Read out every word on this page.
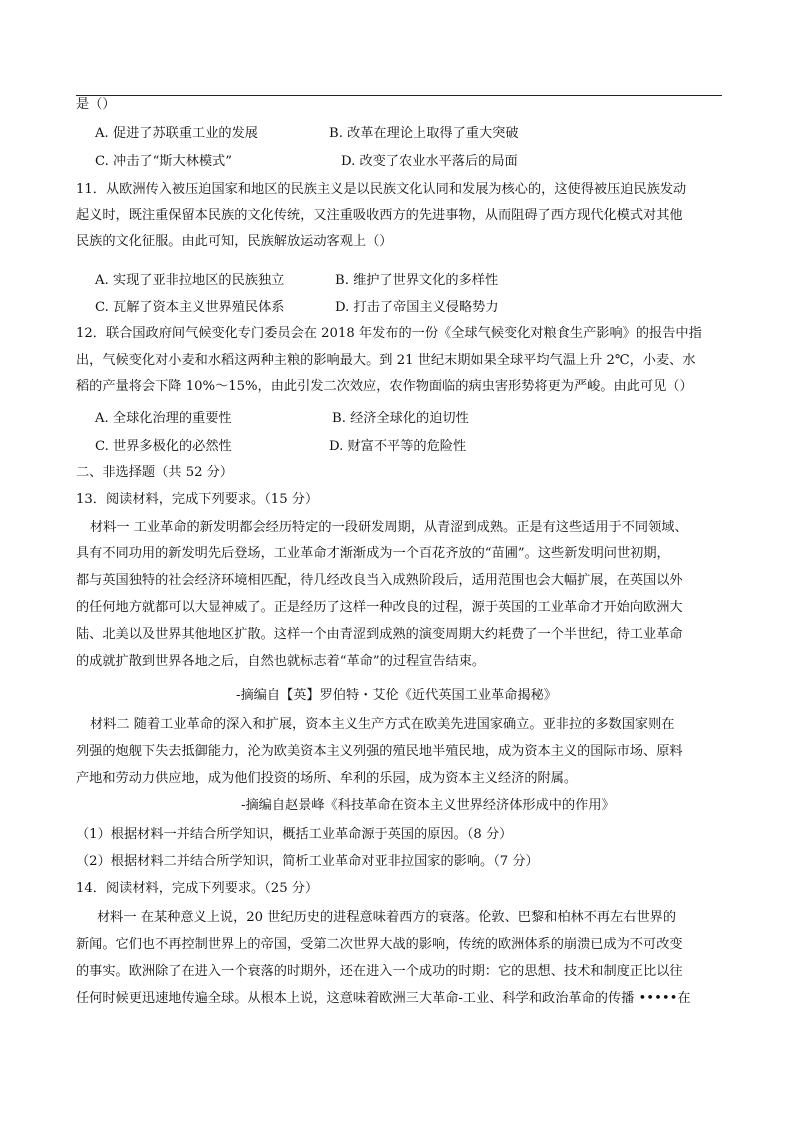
是（）
A. 促进了苏联重工业的发展	B. 改革在理论上取得了重大突破
C. 冲击了“斯大林模式”	D. 改变了农业水平落后的局面
11．从欧洲传入被压迫国家和地区的民族主义是以民族文化认同和发展为核心的，这使得被压迫民族发动
起义时，既注重保留本民族的文化传统，又注重吸收西方的先进事物，从而阻碍了西方现代化模式对其他
民族的文化征服。由此可知，民族解放运动客观上（）
A. 实现了亚非拉地区的民族独立	B. 维护了世界文化的多样性
C. 瓦解了资本主义世界殖民体系	D. 打击了帝国主义侵略势力
12．联合国政府间气候变化专门委员会在 2018 年发布的一份《全球气候变化对粮食生产影响》的报告中指
出，气候变化对小麦和水稻这两种主粮的影响最大。到 21 世纪末期如果全球平均气温上升 2℃，小麦、水
稻的产量将会下降 10%～15%，由此引发二次效应，农作物面临的病虫害形势将更为严峻。由此可见（）
A. 全球化治理的重要性	B. 经济全球化的迫切性
C. 世界多极化的必然性	D. 财富不平等的危险性
二、非选择题（共 52 分）
13．阅读材料，完成下列要求。（15 分）
材料一 工业革命的新发明都会经历特定的一段研发周期，从青涩到成熟。正是有这些适用于不同领域、
具有不同功用的新发明先后登场，工业革命才渐渐成为一个百花齐放的“苗圃”。这些新发明问世初期，
都与英国独特的社会经济环境相匹配，待几经改良当入成熟阶段后，适用范围也会大幅扩展，在英国以外
的任何地方就都可以大显神威了。正是经历了这样一种改良的过程，源于英国的工业革命才开始向欧洲大
陆、北美以及世界其他地区扩散。这样一个由青涩到成熟的演变周期大约耗费了一个半世纪，待工业革命
的成就扩散到世界各地之后，自然也就标志着“革命”的过程宣告结束。
-摘编自【英】罗伯特・艾伦《近代英国工业革命揭秘》
材料二 随着工业革命的深入和扩展，资本主义生产方式在欧美先进国家确立。亚非拉的多数国家则在
列强的炮舰下失去抵御能力，沦为欧美资本主义列强的殖民地半殖民地，成为资本主义的国际市场、原料
产地和劳动力供应地，成为他们投资的场所、牟利的乐园，成为资本主义经济的附属。
-摘编自赵景峰《科技革命在资本主义世界经济体形成中的作用》
（1）根据材料一并结合所学知识，概括工业革命源于英国的原因。（8 分）
（2）根据材料二并结合所学知识，简析工业革命对亚非拉国家的影响。（7 分）
14．阅读材料，完成下列要求。（25 分）
材料一 在某种意义上说，20 世纪历史的进程意味着西方的衰落。伦敦、巴黎和柏林不再左右世界的
新闻。它们也不再控制世界上的帝国，受第二次世界大战的影响，传统的欧洲体系的崩溃已成为不可改变
的事实。欧洲除了在进入一个衰落的时期外，还在进入一个成功的时期：它的思想、技术和制度正比以往
任何时候更迅速地传遍全球。从根本上说，这意味着欧洲三大革命-工业、科学和政治革命的传播 •••••在
